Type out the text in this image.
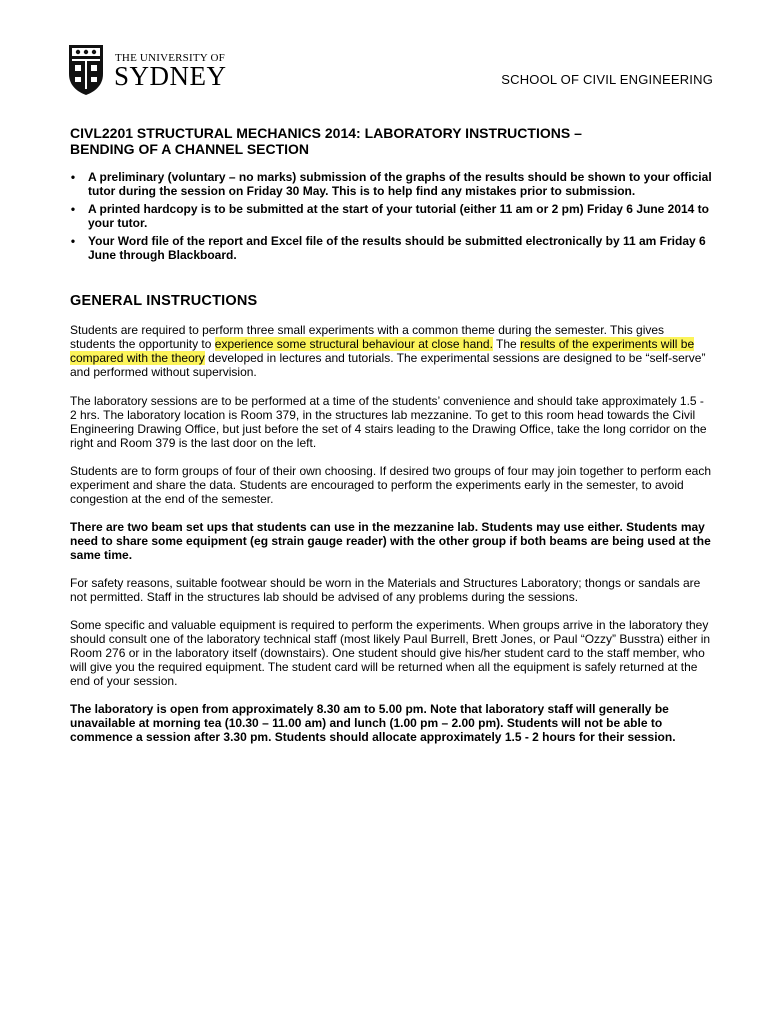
THE UNIVERSITY OF
SYDNEY	SCHOOL OF CIVIL ENGINEERING
CIVL2201 STRUCTURAL MECHANICS 2014: LABORATORY INSTRUCTIONS –
BENDING OF A CHANNEL SECTION
• A preliminary (voluntary – no marks) submission of the graphs of the results should be shown to your official tutor during the session on Friday 30 May. This is to help find any mistakes prior to submission.
• A printed hardcopy is to be submitted at the start of your tutorial (either 11 am or 2 pm) Friday 6 June 2014 to your tutor.
• Your Word file of the report and Excel file of the results should be submitted electronically by 11 am Friday 6 June through Blackboard.
GENERAL INSTRUCTIONS

Students are required to perform three small experiments with a common theme during the semester. This gives students the opportunity to experience some structural behaviour at close hand. The results of the experiments will be compared with the theory developed in lectures and tutorials. The experimental sessions are designed to be “self-serve” and performed without supervision.

The laboratory sessions are to be performed at a time of the students’ convenience and should take approximately 1.5 - 2 hrs. The laboratory location is Room 379, in the structures lab mezzanine. To get to this room head towards the Civil Engineering Drawing Office, but just before the set of 4 stairs leading to the Drawing Office, take the long corridor on the right and Room 379 is the last door on the left.

Students are to form groups of four of their own choosing. If desired two groups of four may join together to perform each experiment and share the data. Students are encouraged to perform the experiments early in the semester, to avoid congestion at the end of the semester.

There are two beam set ups that students can use in the mezzanine lab. Students may use either. Students may need to share some equipment (eg strain gauge reader) with the other group if both beams are being used at the same time.

For safety reasons, suitable footwear should be worn in the Materials and Structures Laboratory; thongs or sandals are not permitted. Staff in the structures lab should be advised of any problems during the sessions.

Some specific and valuable equipment is required to perform the experiments. When groups arrive in the laboratory they should consult one of the laboratory technical staff (most likely Paul Burrell, Brett Jones, or Paul “Ozzy” Busstra) either in Room 276 or in the laboratory itself (downstairs). One student should give his/her student card to the staff member, who will give you the required equipment. The student card will be returned when all the equipment is safely returned at the end of your session.

The laboratory is open from approximately 8.30 am to 5.00 pm. Note that laboratory staff will generally be unavailable at morning tea (10.30 – 11.00 am) and lunch (1.00 pm – 2.00 pm). Students will not be able to commence a session after 3.30 pm. Students should allocate approximately 1.5 - 2 hours for their session.
